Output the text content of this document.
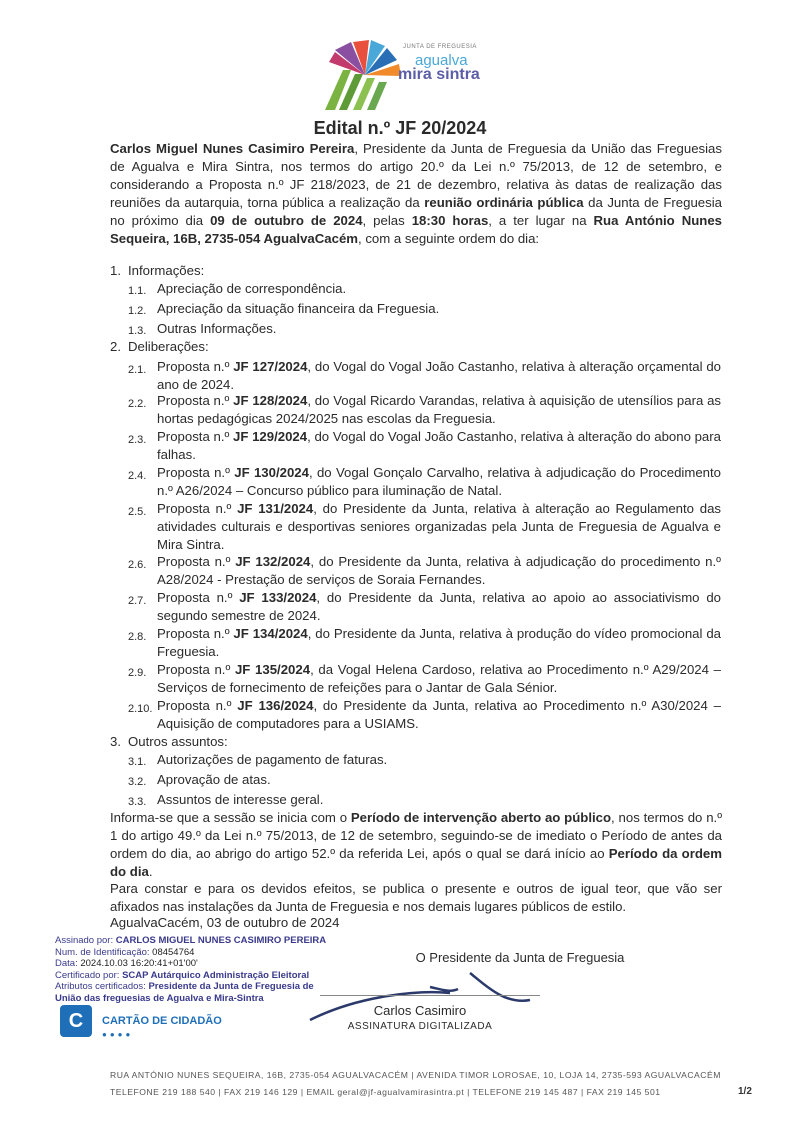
JUNTA DE FREGUESIA
agualva
mira sintra
Edital n.º JF 20/2024
Carlos Miguel Nunes Casimiro Pereira, Presidente da Junta de Freguesia da União das Freguesias de Agualva e Mira Sintra, nos termos do artigo 20.º da Lei n.º 75/2013, de 12 de setembro, e considerando a Proposta n.º JF 218/2023, de 21 de dezembro, relativa às datas de realização das reuniões da autarquia, torna pública a realização da reunião ordinária pública da Junta de Freguesia no próximo dia 09 de outubro de 2024, pelas 18:30 horas, a ter lugar na Rua António Nunes Sequeira, 16B, 2735-054 AgualvaCacém, com a seguinte ordem do dia:
1. Informações:
1.1. Apreciação de correspondência.
1.2. Apreciação da situação financeira da Freguesia.
1.3. Outras Informações.
2. Deliberações:
2.1. Proposta n.º JF 127/2024, do Vogal do Vogal João Castanho, relativa à alteração orçamental do ano de 2024.
2.2. Proposta n.º JF 128/2024, do Vogal Ricardo Varandas, relativa à aquisição de utensílios para as hortas pedagógicas 2024/2025 nas escolas da Freguesia.
2.3. Proposta n.º JF 129/2024, do Vogal do Vogal João Castanho, relativa à alteração do abono para falhas.
2.4. Proposta n.º JF 130/2024, do Vogal Gonçalo Carvalho, relativa à adjudicação do Procedimento n.º A26/2024 – Concurso público para iluminação de Natal.
2.5. Proposta n.º JF 131/2024, do Presidente da Junta, relativa à alteração ao Regulamento das atividades culturais e desportivas seniores organizadas pela Junta de Freguesia de Agualva e Mira Sintra.
2.6. Proposta n.º JF 132/2024, do Presidente da Junta, relativa à adjudicação do procedimento n.º A28/2024 - Prestação de serviços de Soraia Fernandes.
2.7. Proposta n.º JF 133/2024, do Presidente da Junta, relativa ao apoio ao associativismo do segundo semestre de 2024.
2.8. Proposta n.º JF 134/2024, do Presidente da Junta, relativa à produção do vídeo promocional da Freguesia.
2.9. Proposta n.º JF 135/2024, da Vogal Helena Cardoso, relativa ao Procedimento n.º A29/2024 – Serviços de fornecimento de refeições para o Jantar de Gala Sénior.
2.10. Proposta n.º JF 136/2024, do Presidente da Junta, relativa ao Procedimento n.º A30/2024 – Aquisição de computadores para a USIAMS.
3. Outros assuntos:
3.1. Autorizações de pagamento de faturas.
3.2. Aprovação de atas.
3.3. Assuntos de interesse geral.
Informa-se que a sessão se inicia com o Período de intervenção aberto ao público, nos termos do n.º 1 do artigo 49.º da Lei n.º 75/2013, de 12 de setembro, seguindo-se de imediato o Período de antes da ordem do dia, ao abrigo do artigo 52.º da referida Lei, após o qual se dará início ao Período da ordem do dia.
Para constar e para os devidos efeitos, se publica o presente e outros de igual teor, que vão ser afixados nas instalações da Junta de Freguesia e nos demais lugares públicos de estilo.
AgualvaCacém, 03 de outubro de 2024
Assinado por: CARLOS MIGUEL NUNES CASIMIRO PEREIRA
Num. de Identificação: 08454764
Data: 2024.10.03 16:20:41+01'00'
Certificado por: SCAP Autárquico Administração Eleitoral
Atributos certificados: Presidente da Junta de Freguesia de
União das freguesias de Agualva e Mira-Sintra
C	CARTÃO DE CIDADÃO
●●●●
O Presidente da Junta de Freguesia
Carlos Casimiro
ASSINATURA DIGITALIZADA
RUA ANTÓNIO NUNES SEQUEIRA, 16B, 2735-054 AGUALVACACÉM | AVENIDA TIMOR LOROSAE, 10, LOJA 14, 2735-593 AGUALVACACÉM
TELEFONE 219 188 540 | FAX 219 146 129 | EMAIL geral@jf-agualvamirasintra.pt | TELEFONE 219 145 487 | FAX 219 145 501	1/2
